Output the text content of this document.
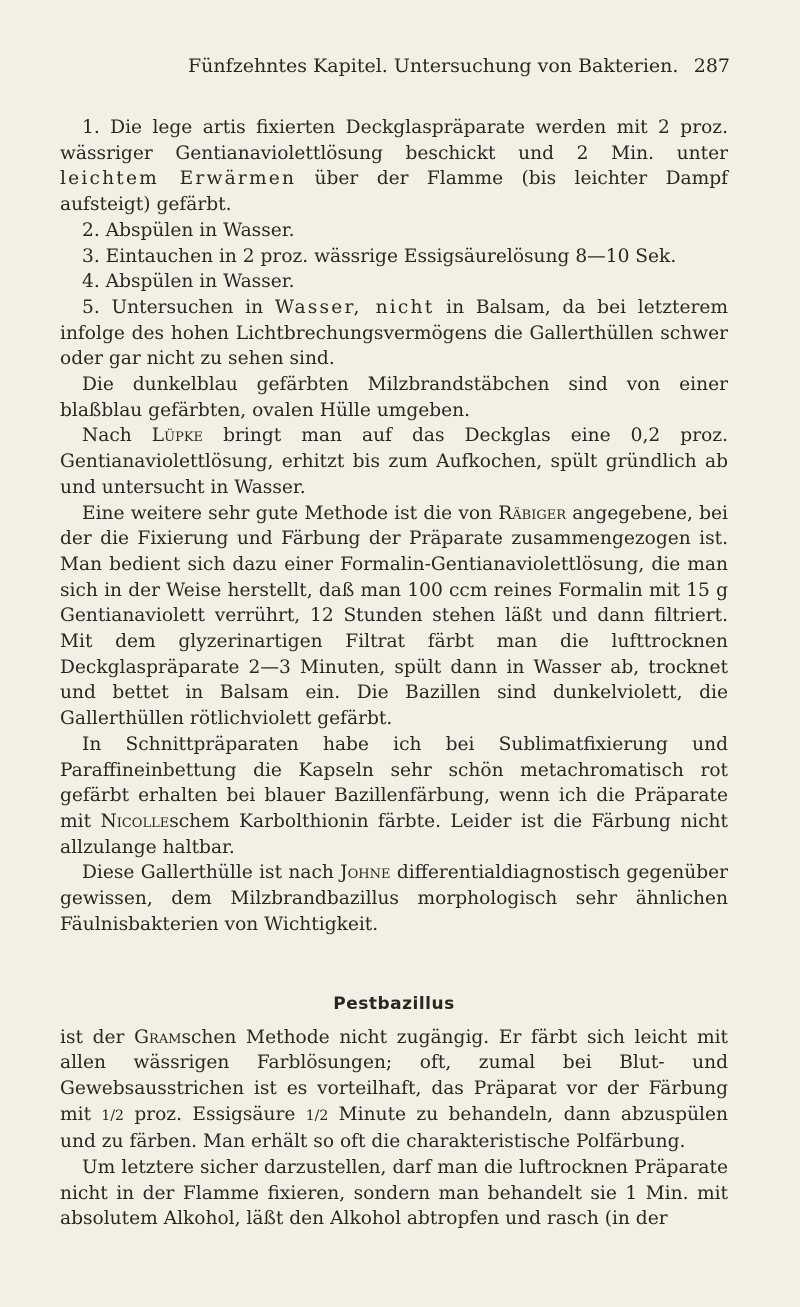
Fünfzehntes Kapitel. Untersuchung von Bakterien. 287

1. Die lege artis fixierten Deckglaspräparate werden mit 2 proz. wässriger Gentianaviolettlösung beschickt und 2 Min. unter leichtem Erwärmen über der Flamme (bis leichter Dampf aufsteigt) gefärbt.

2. Abspülen in Wasser.

3. Eintauchen in 2 proz. wässrige Essigsäurelösung 8—10 Sek.

4. Abspülen in Wasser.

5. Untersuchen in Wasser, nicht in Balsam, da bei letzterem infolge des hohen Lichtbrechungsvermögens die Gallerthüllen schwer oder gar nicht zu sehen sind.

Die dunkelblau gefärbten Milzbrandstäbchen sind von einer blaßblau gefärbten, ovalen Hülle umgeben.

Nach Lüpke bringt man auf das Deckglas eine 0,2 proz. Gentianaviolettlösung, erhitzt bis zum Aufkochen, spült gründlich ab und untersucht in Wasser.

Eine weitere sehr gute Methode ist die von Räbiger angegebene, bei der die Fixierung und Färbung der Präparate zusammengezogen ist. Man bedient sich dazu einer Formalin-Gentianaviolettlösung, die man sich in der Weise herstellt, daß man 100 ccm reines Formalin mit 15 g Gentianaviolett verrührt, 12 Stunden stehen läßt und dann filtriert. Mit dem glyzerinartigen Filtrat färbt man die lufttrocknen Deckglaspräparate 2—3 Minuten, spült dann in Wasser ab, trocknet und bettet in Balsam ein. Die Bazillen sind dunkelviolett, die Gallerthüllen rötlichviolett gefärbt.

In Schnittpräparaten habe ich bei Sublimatfixierung und Paraffineinbettung die Kapseln sehr schön metachromatisch rot gefärbt erhalten bei blauer Bazillenfärbung, wenn ich die Präparate mit Nicolleschem Karbolthionin färbte. Leider ist die Färbung nicht allzulange haltbar.

Diese Gallerthülle ist nach Johne differentialdiagnostisch gegenüber gewissen, dem Milzbrandbazillus morphologisch sehr ähnlichen Fäulnisbakterien von Wichtigkeit.

Pestbazillus

ist der Gramschen Methode nicht zugängig. Er färbt sich leicht mit allen wässrigen Farblösungen; oft, zumal bei Blut- und Gewebsausstrichen ist es vorteilhaft, das Präparat vor der Färbung mit 1/2 proz. Essigsäure 1/2 Minute zu behandeln, dann abzuspülen und zu färben. Man erhält so oft die charakteristische Polfärbung.

Um letztere sicher darzustellen, darf man die luftrocknen Präparate nicht in der Flamme fixieren, sondern man behandelt sie 1 Min. mit absolutem Alkohol, läßt den Alkohol abtropfen und rasch (in der
